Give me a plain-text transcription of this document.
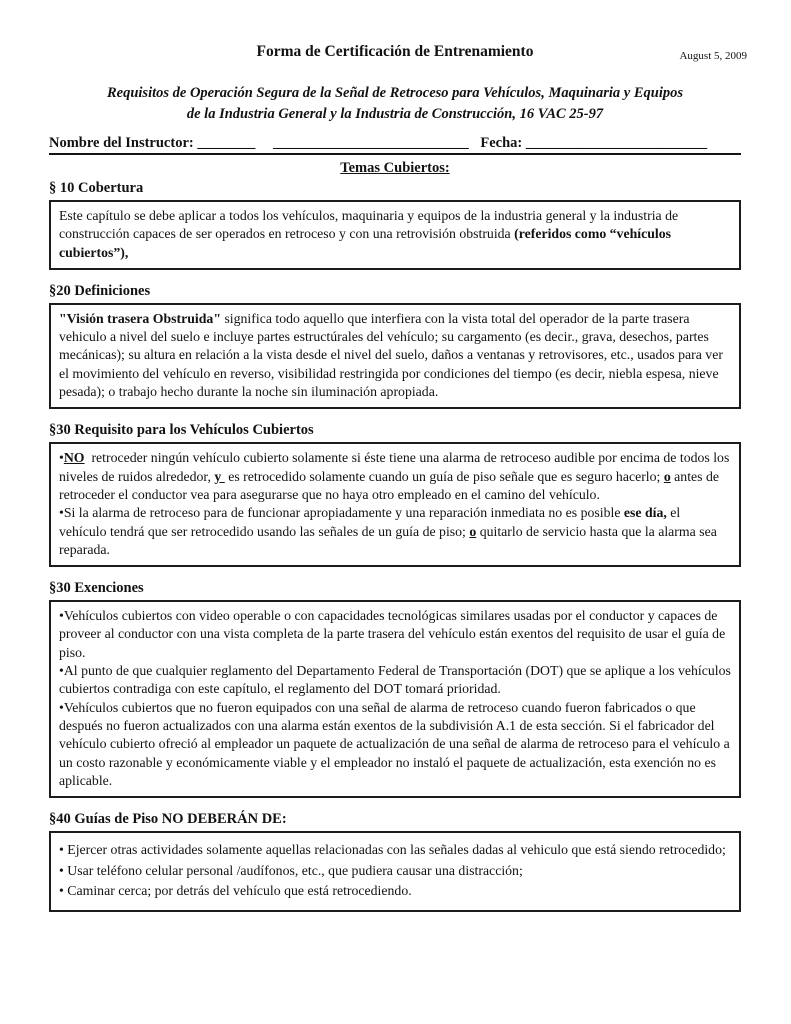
Forma de Certificación de Entrenamiento	August 5, 2009
Requisitos de Operación Segura de la Señal de Retroceso para Vehículos, Maquinaria y Equipos
de la Industria General y la Industria de Construcción, 16 VAC 25-97
Nombre del Instructor: ________ ___________________________ Fecha: _________________________
Temas Cubiertos:
§ 10 Cobertura

Este capítulo se debe aplicar a todos los vehículos, maquinaria y equipos de la industria general y la industria de construcción capaces de ser operados en retroceso y con una retrovisión obstruida (referidos como “vehículos cubiertos”),

§20 Definiciones

"Visión trasera Obstruida" significa todo aquello que interfiera con la vista total del operador de la parte trasera vehiculo a nivel del suelo e incluye partes estructúrales del vehículo; su cargamento (es decir., grava, desechos, partes mecánicas); su altura en relación a la vista desde el nivel del suelo, daños a ventanas y retrovisores, etc., usados para ver el movimiento del vehículo en reverso, visibilidad restringida por condiciones del tiempo (es decir, niebla espesa, nieve pesada); o trabajo hecho durante la noche sin iluminación apropiada.

§30 Requisito para los Vehículos Cubiertos

•NO  retroceder ningún vehículo cubierto solamente si éste tiene una alarma de retroceso audible por encima de todos los niveles de ruidos alrededor, y  es retrocedido solamente cuando un guía de piso señale que es seguro hacerlo; o antes de retroceder el conductor vea para asegurarse que no haya otro empleado en el camino del vehículo.

•Si la alarma de retroceso para de funcionar apropiadamente y una reparación inmediata no es posible ese día, el vehículo tendrá que ser retrocedido usando las señales de un guía de piso; o quitarlo de servicio hasta que la alarma sea reparada.

§30 Exenciones

•Vehículos cubiertos con video operable o con capacidades tecnológicas similares usadas por el conductor y capaces de proveer al conductor con una vista completa de la parte trasera del vehículo están exentos del requisito de usar el guía de piso.

•Al punto de que cualquier reglamento del Departamento Federal de Transportación (DOT) que se aplique a los vehículos cubiertos contradiga con este capítulo, el reglamento del DOT tomará prioridad.

•Vehículos cubiertos que no fueron equipados con una señal de alarma de retroceso cuando fueron fabricados o que después no fueron actualizados con una alarma están exentos de la subdivisión A.1 de esta sección. Si el fabricador del vehículo cubierto ofreció al empleador un paquete de actualización de una señal de alarma de retroceso para el vehículo a un costo razonable y económicamente viable y el empleador no instaló el paquete de actualización, esta exención no es aplicable.

§40 Guías de Piso NO DEBERÁN DE:

• Ejercer otras actividades solamente aquellas relacionadas con las señales dadas al vehiculo que está siendo retrocedido;

• Usar teléfono celular personal /audífonos, etc., que pudiera causar una distracción;

• Caminar cerca; por detrás del vehículo que está retrocediendo.
